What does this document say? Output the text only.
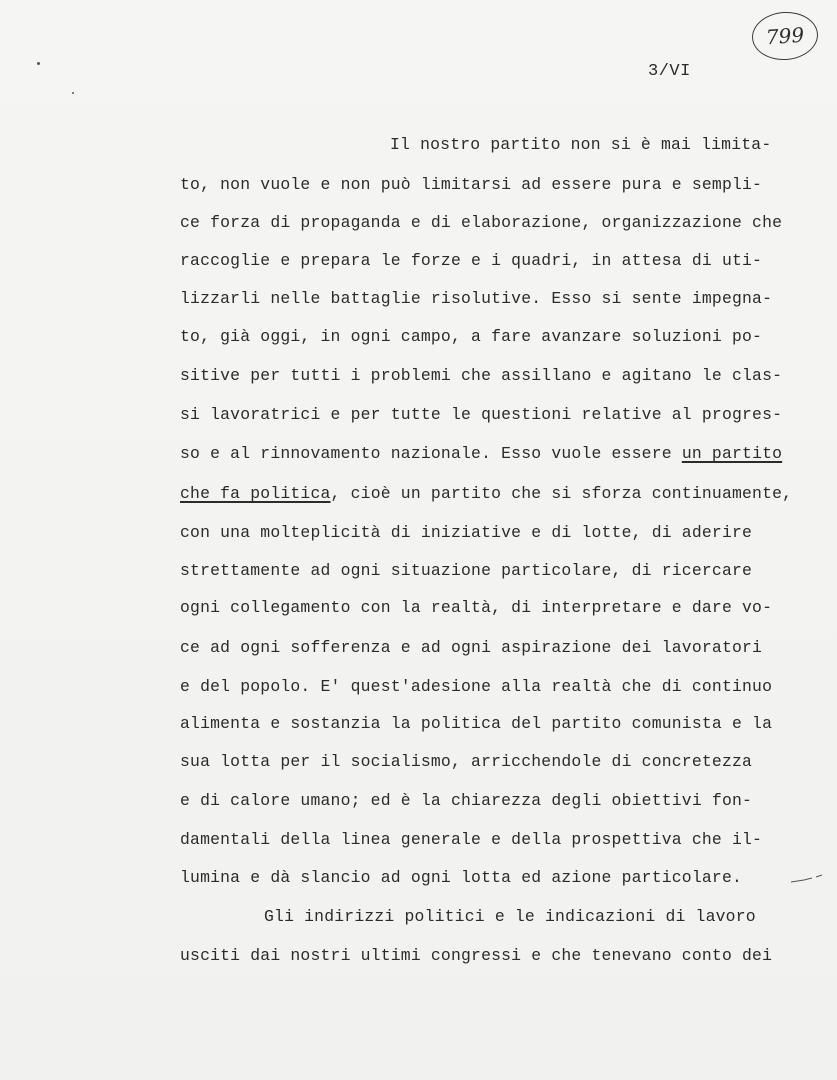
799
3/VI
Il nostro partito non si è mai limita-
to, non vuole e non può limitarsi ad essere pura e sempli-
ce forza di propaganda e di elaborazione, organizzazione che
raccoglie e prepara le forze e i quadri, in attesa di uti-
lizzarli nelle battaglie risolutive. Esso si sente impegna-
to, già oggi, in ogni campo, a fare avanzare soluzioni po-
sitive per tutti i problemi che assillano e agitano le clas-
si lavoratrici e per tutte le questioni relative al progres-
so e al rinnovamento nazionale. Esso vuole essere un partito
che fa politica, cioè un partito che si sforza continuamente,
con una molteplicità di iniziative e di lotte, di aderire
strettamente ad ogni situazione particolare, di ricercare
ogni collegamento con la realtà, di interpretare e dare vo-
ce ad ogni sofferenza e ad ogni aspirazione dei lavoratori
e del popolo. E' quest'adesione alla realtà che di continuo
alimenta e sostanzia la politica del partito comunista e la
sua lotta per il socialismo, arricchendole di concretezza
e di calore umano; ed è la chiarezza degli obiettivi fon-
damentali della linea generale e della prospettiva che il-
lumina e dà slancio ad ogni lotta ed azione particolare.
Gli indirizzi politici e le indicazioni di lavoro
usciti dai nostri ultimi congressi e che tenevano conto dei
